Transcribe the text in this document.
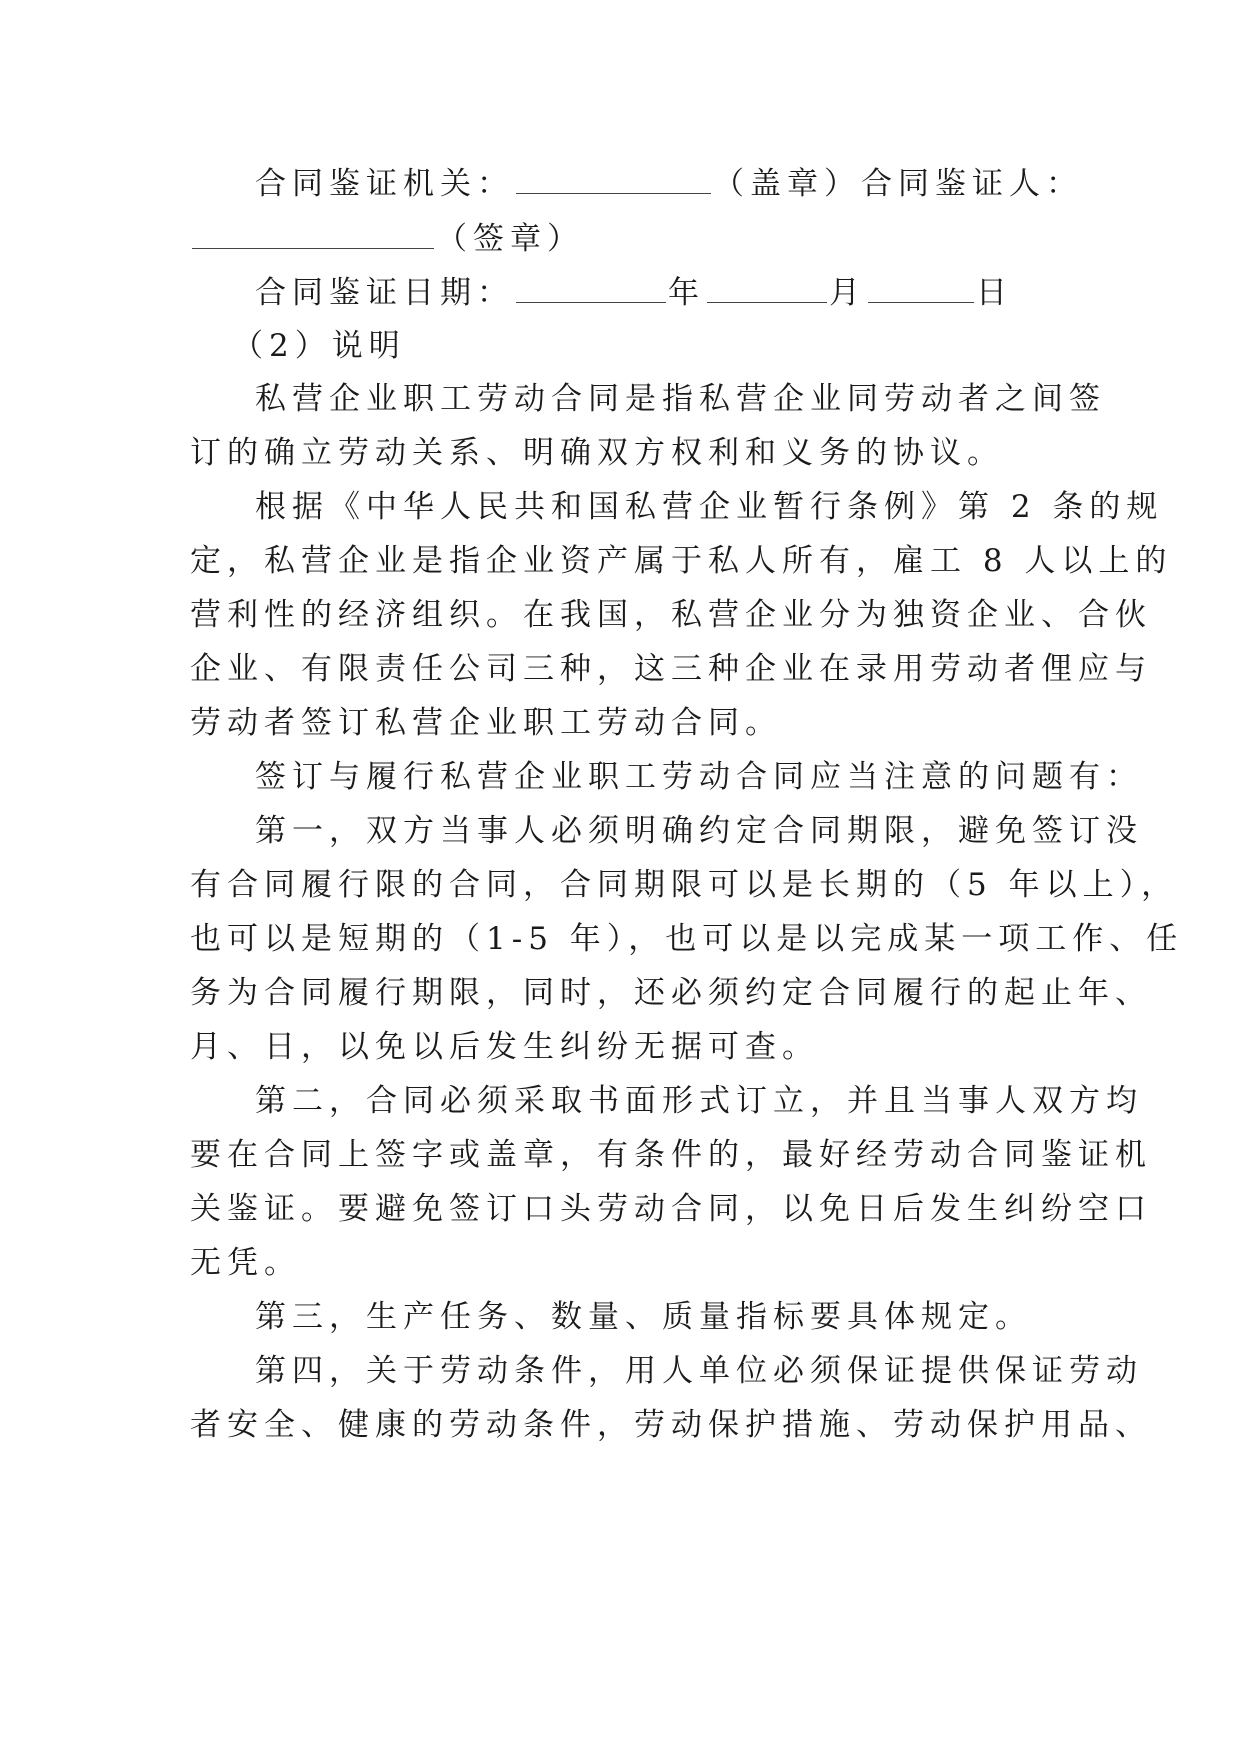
合同鉴证机关：	（盖章）合同鉴证人：
（签章）
合同鉴证日期：	年	月	日
（2）说明
私营企业职工劳动合同是指私营企业同劳动者之间签
订的确立劳动关系、明确双方权利和义务的协议。
根据《中华人民共和国私营企业暂行条例》第 2 条的规
定，私营企业是指企业资产属于私人所有，雇工 8 人以上的
营利性的经济组织。在我国，私营企业分为独资企业、合伙
企业、有限责任公司三种，这三种企业在录用劳动者俚应与
劳动者签订私营企业职工劳动合同。
签订与履行私营企业职工劳动合同应当注意的问题有：
第一，双方当事人必须明确约定合同期限，避免签订没
有合同履行限的合同，合同期限可以是长期的（5 年以上），
也可以是短期的（1-5 年），也可以是以完成某一项工作、任
务为合同履行期限，同时，还必须约定合同履行的起止年、
月、日，以免以后发生纠纷无据可查。
第二，合同必须采取书面形式订立，并且当事人双方均
要在合同上签字或盖章，有条件的，最好经劳动合同鉴证机
关鉴证。要避免签订口头劳动合同，以免日后发生纠纷空口
无凭。
第三，生产任务、数量、质量指标要具体规定。
第四，关于劳动条件，用人单位必须保证提供保证劳动
者安全、健康的劳动条件，劳动保护措施、劳动保护用品、
